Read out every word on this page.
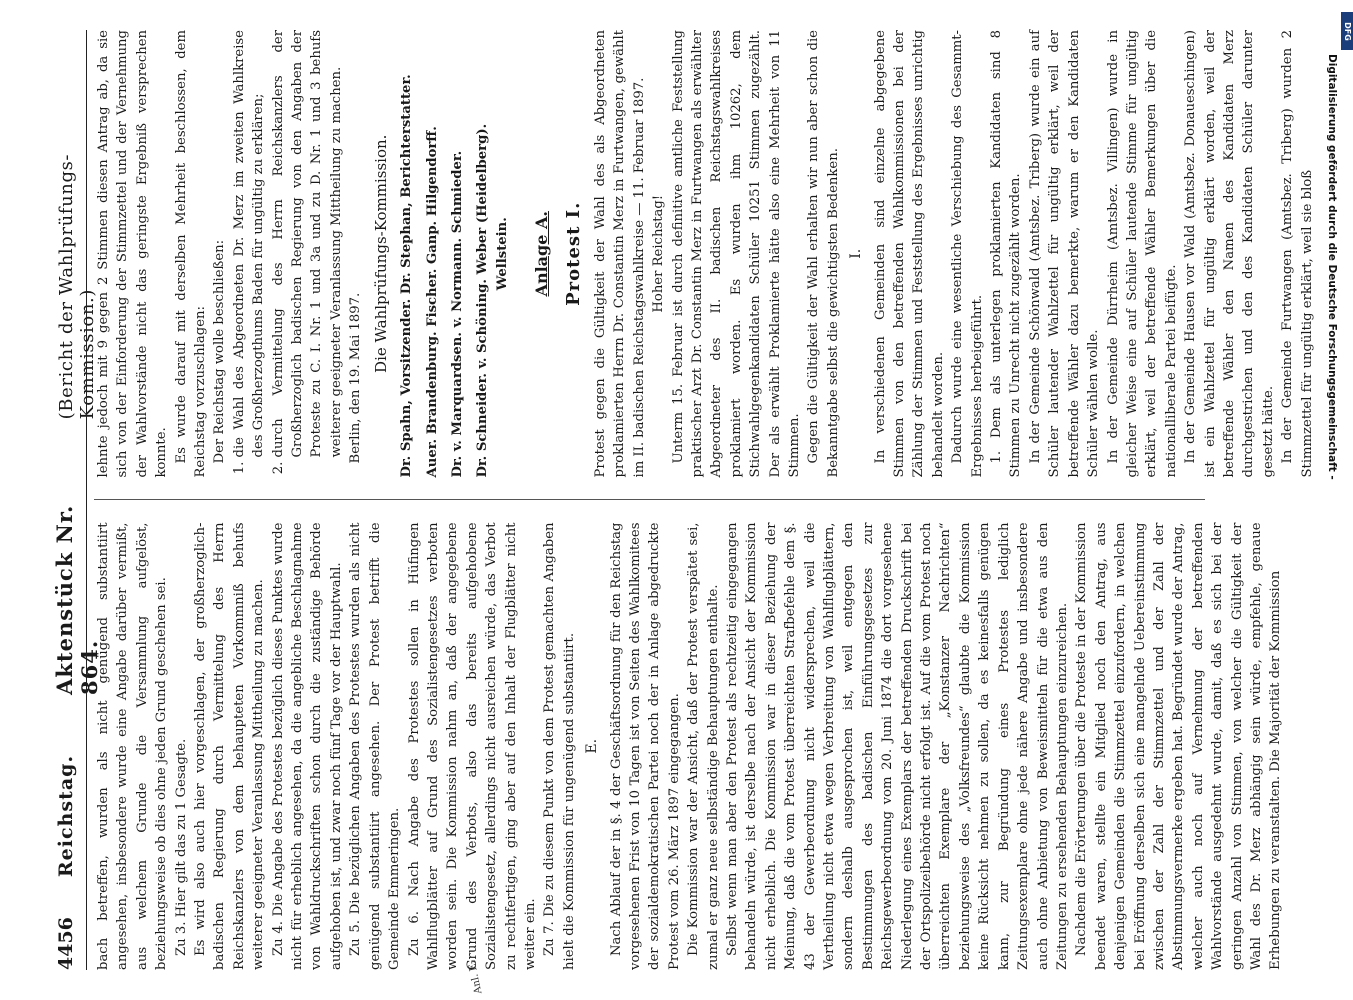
4456
Reichstag.
Aktenstück Nr. 864.
(Bericht der Wahlprüfungs-Kommission.)

bach betreffen, wurden als nicht genügend substantiirt angesehen, insbesondere wurde eine Angabe darüber vermißt, aus welchem Grunde die Versammlung aufgelöst, beziehungsweise ob dies ohne jeden Grund geschehen sei. Zu 3. Hier gilt das zu 1 Gesagte. Es wird also auch hier vorgeschlagen, der großherzoglich-badischen Regierung durch Vermittelung des Herrn Reichskanzlers von dem behaupteten Vorkommniß behufs weiterer geeigneter Veranlassung Mittheilung zu machen. Zu 4. Die Angabe des Protestes bezüglich dieses Punktes wurde nicht für erheblich angesehen, da die angebliche Beschlagnahme von Wahldruckschriften schon durch die zuständige Behörde aufgehoben ist, und zwar noch fünf Tage vor der Hauptwahl. Zu 5. Die bezüglichen Angaben des Protestes wurden als nicht genügend substantiirt angesehen. Der Protest betrifft die Gemeinde Emmeringen. Zu 6. Nach Angabe des Protestes sollen in Hüfingen Wahlflugblätter auf Grund des Sozialistengesetzes verboten worden sein. Die Kommission nahm an, daß der angegebene Grund des Verbots, also das bereits aufgehobene Sozialistengesetz, allerdings nicht ausreichen würde, das Verbot zu rechtfertigen, ging aber auf den Inhalt der Flugblätter nicht weiter ein. Zu 7. Die zu diesem Punkt von dem Protest gemachten Angaben hielt die Kommission für ungenügend substantiirt. E. Nach Ablauf der in §. 4 der Geschäftsordnung für den Reichstag vorgesehenen Frist von 10 Tagen ist von Seiten des Wahlkomitees der sozialdemokratischen Partei noch der in Anlage abgedruckte Protest vom 26. März 1897 eingegangen. Die Kommission war der Ansicht, daß der Protest verspätet sei, zumal er ganz neue selbständige Behauptungen enthalte. Selbst wenn man aber den Protest als rechtzeitig eingegangen behandeln würde, ist derselbe nach der Ansicht der Kommission nicht erheblich. Die Kommission war in dieser Beziehung der Meinung, daß die vom Protest überreichten Strafbefehle dem §. 43 der Gewerbeordnung nicht widersprechen, weil die Vertheilung nicht etwa wegen Verbreitung von Wahlflugblättern, sondern deshalb ausgesprochen ist, weil entgegen den Bestimmungen des badischen Einführungsgesetzes zur Reichsgewerbeordnung vom 20. Juni 1874 die dort vorgesehene Niederlegung eines Exemplars der betreffenden Druckschrift bei der Ortspolizeibehörde nicht erfolgt ist. Auf die vom Protest noch überreichten Exemplare der „Konstanzer Nachrichten“ beziehungsweise des „Volksfreundes“ glaubte die Kommission keine Rücksicht nehmen zu sollen, da es keinesfalls genügen kann, zur Begründung eines Protestes lediglich Zeitungsexemplare ohne jede nähere Angabe und insbesondere auch ohne Anbietung von Beweismitteln für die etwa aus den Zeitungen zu ersehenden Behauptungen einzureichen. Nachdem die Erörterungen über die Proteste in der Kommission beendet waren, stellte ein Mitglied noch den Antrag, aus denjenigen Gemeinden die Stimmzettel einzufordern, in welchen bei Eröffnung derselben sich eine mangelnde Uebereinstimmung zwischen der Zahl der Stimmzettel und der Zahl der Abstimmungsvermerke ergeben hat. Begründet wurde der Antrag, welcher auch noch auf Vernehmung der betreffenden Wahlvorstände ausgedehnt wurde, damit, daß es sich bei der geringen Anzahl von Stimmen, von welcher die Gültigkeit der Wahl des Dr. Merz abhängig sein würde, empfehle, genaue Erhebungen zu veranstalten. Die Majorität der Kommission

lehnte jedoch mit 9 gegen 2 Stimmen diesen Antrag ab, da sie sich von der Einforderung der Stimmzettel und der Vernehmung der Wahlvorstände nicht das geringste Ergebniß versprechen konnte. Es wurde darauf mit derselben Mehrheit beschlossen, dem Reichstag vorzuschlagen: Der Reichstag wolle beschließen: 1. die Wahl des Abgeordneten Dr. Merz im zweiten Wahlkreise des Großherzogthums Baden für ungültig zu erklären; 2. durch Vermittelung des Herrn Reichskanzlers der Großherzoglich badischen Regierung von den Angaben der Proteste zu C. I. Nr. 1 und 3a und zu D. Nr. 1 und 3 behufs weiterer geeigneter Veranlassung Mittheilung zu machen. Berlin, den 19. Mai 1897.

Die Wahlprüfungs-Kommission. Dr. Spahn, Vorsitzender. Dr. Stephan, Berichterstatter. Auer. Brandenburg. Fischer. Ganp. Hilgendorff. Dr. v. Marquardsen. v. Normann. Schmieder. Dr. Schneider. v. Schöning. Weber (Heidelberg). Wellstein. Anlage A. Protest I. Protest gegen die Gültigkeit der Wahl des als Abgeordneten proklamierten Herrn Dr. Constantin Merz in Furtwangen, gewählt im II. badischen Reichstagswahlkreise — 11. Februar 1897. Hoher Reichstag! Unterm 15. Februar ist durch definitive amtliche Feststellung praktischer Arzt Dr. Constantin Merz in Furtwangen als erwählter Abgeordneter des II. badischen Reichstagswahlkreises proklamiert worden. Es wurden ihm 10262, dem Stichwahlgegenkandidaten Schüler 10251 Stimmen zugezählt. Der als erwählt Proklamierte hätte also eine Mehrheit von 11 Stimmen. Gegen die Gültigkeit der Wahl erhalten wir nun aber schon die Bekanntgabe selbst die gewichtigsten Bedenken. I. In verschiedenen Gemeinden sind einzelne abgegebene Stimmen von den betreffenden Wahlkommissionen bei der Zählung der Stimmen und Feststellung des Ergebnisses unrichtig behandelt worden. Dadurch wurde eine wesentliche Verschiebung des Gesammt-Ergebnisses herbeigeführt. 1. Dem als unterlegen proklamierten Kandidaten sind 8 Stimmen zu Unrecht nicht zugezählt worden. In der Gemeinde Schönwald (Amtsbez. Triberg) wurde ein auf Schüler lautender Wahlzettel für ungültig erklärt, weil der betreffende Wähler dazu bemerkte, warum er den Kandidaten Schüler wählen wolle. In der Gemeinde Dürrheim (Amtsbez. Villingen) wurde in gleicher Weise eine auf Schüler lautende Stimme für ungültig erklärt, weil der betreffende Wähler Bemerkungen über die nationalliberale Partei beifügte. In der Gemeinde Hausen vor Wald (Amtsbez. Donaueschingen) ist ein Wahlzettel für ungültig erklärt worden, weil der betreffende Wähler den Namen des Kandidaten Merz durchgestrichen und den des Kandidaten Schüler darunter gesetzt hätte. In der Gemeinde Furtwangen (Amtsbez. Triberg) wurden 2 Stimmzettel für ungültig erklärt, weil sie bloß

Anl. E.
DFG
Digitalisierung gefördert durch die Deutsche Forschungsgemeinschaft -
